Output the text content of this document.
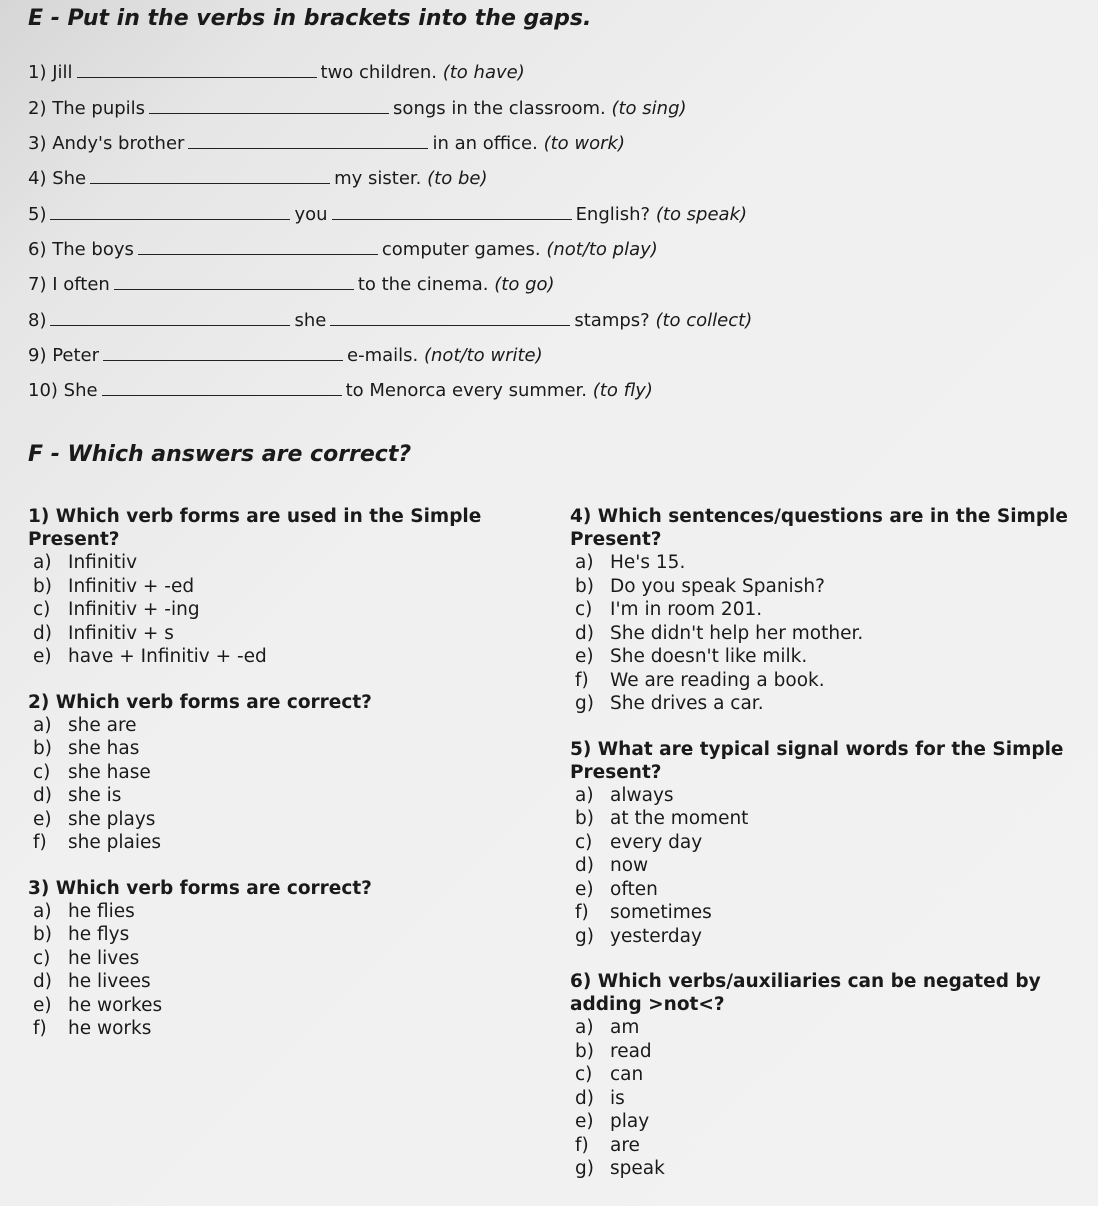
E - Put in the verbs in brackets into the gaps.
1) Jill	two children. (to have)
2) The pupils	songs in the classroom. (to sing)
3) Andy's brother	in an office. (to work)
4) She	my sister. (to be)
5)	you	English? (to speak)
6) The boys	computer games. (not/to play)
7) I often	to the cinema. (to go)
8)	she	stamps? (to collect)
9) Peter	e-mails. (not/to write)
10) She	to Menorca every summer. (to fly)
F - Which answers are correct?

1) Which verb forms are used in the Simple Present?

a) Infinitiv
b) Infinitiv + -ed
c) Infinitiv + -ing
d) Infinitiv + s
e) have + Infinitiv + -ed

2) Which verb forms are correct?

a) she are
b) she has
c) she hase
d) she is
e) she plays
f) she plaies

3) Which verb forms are correct?

a) he flies
b) he flys
c) he lives
d) he livees
e) he workes
f) he works

4) Which sentences/questions are in the Simple Present?

a) He's 15.
b) Do you speak Spanish?
c) I'm in room 201.
d) She didn't help her mother.
e) She doesn't like milk.
f) We are reading a book.
g) She drives a car.

5) What are typical signal words for the Simple Present?

a) always
b) at the moment
c) every day
d) now
e) often
f) sometimes
g) yesterday

6) Which verbs/auxiliaries can be negated by adding >not<?

a) am
b) read
c) can
d) is
e) play
f) are
g) speak
